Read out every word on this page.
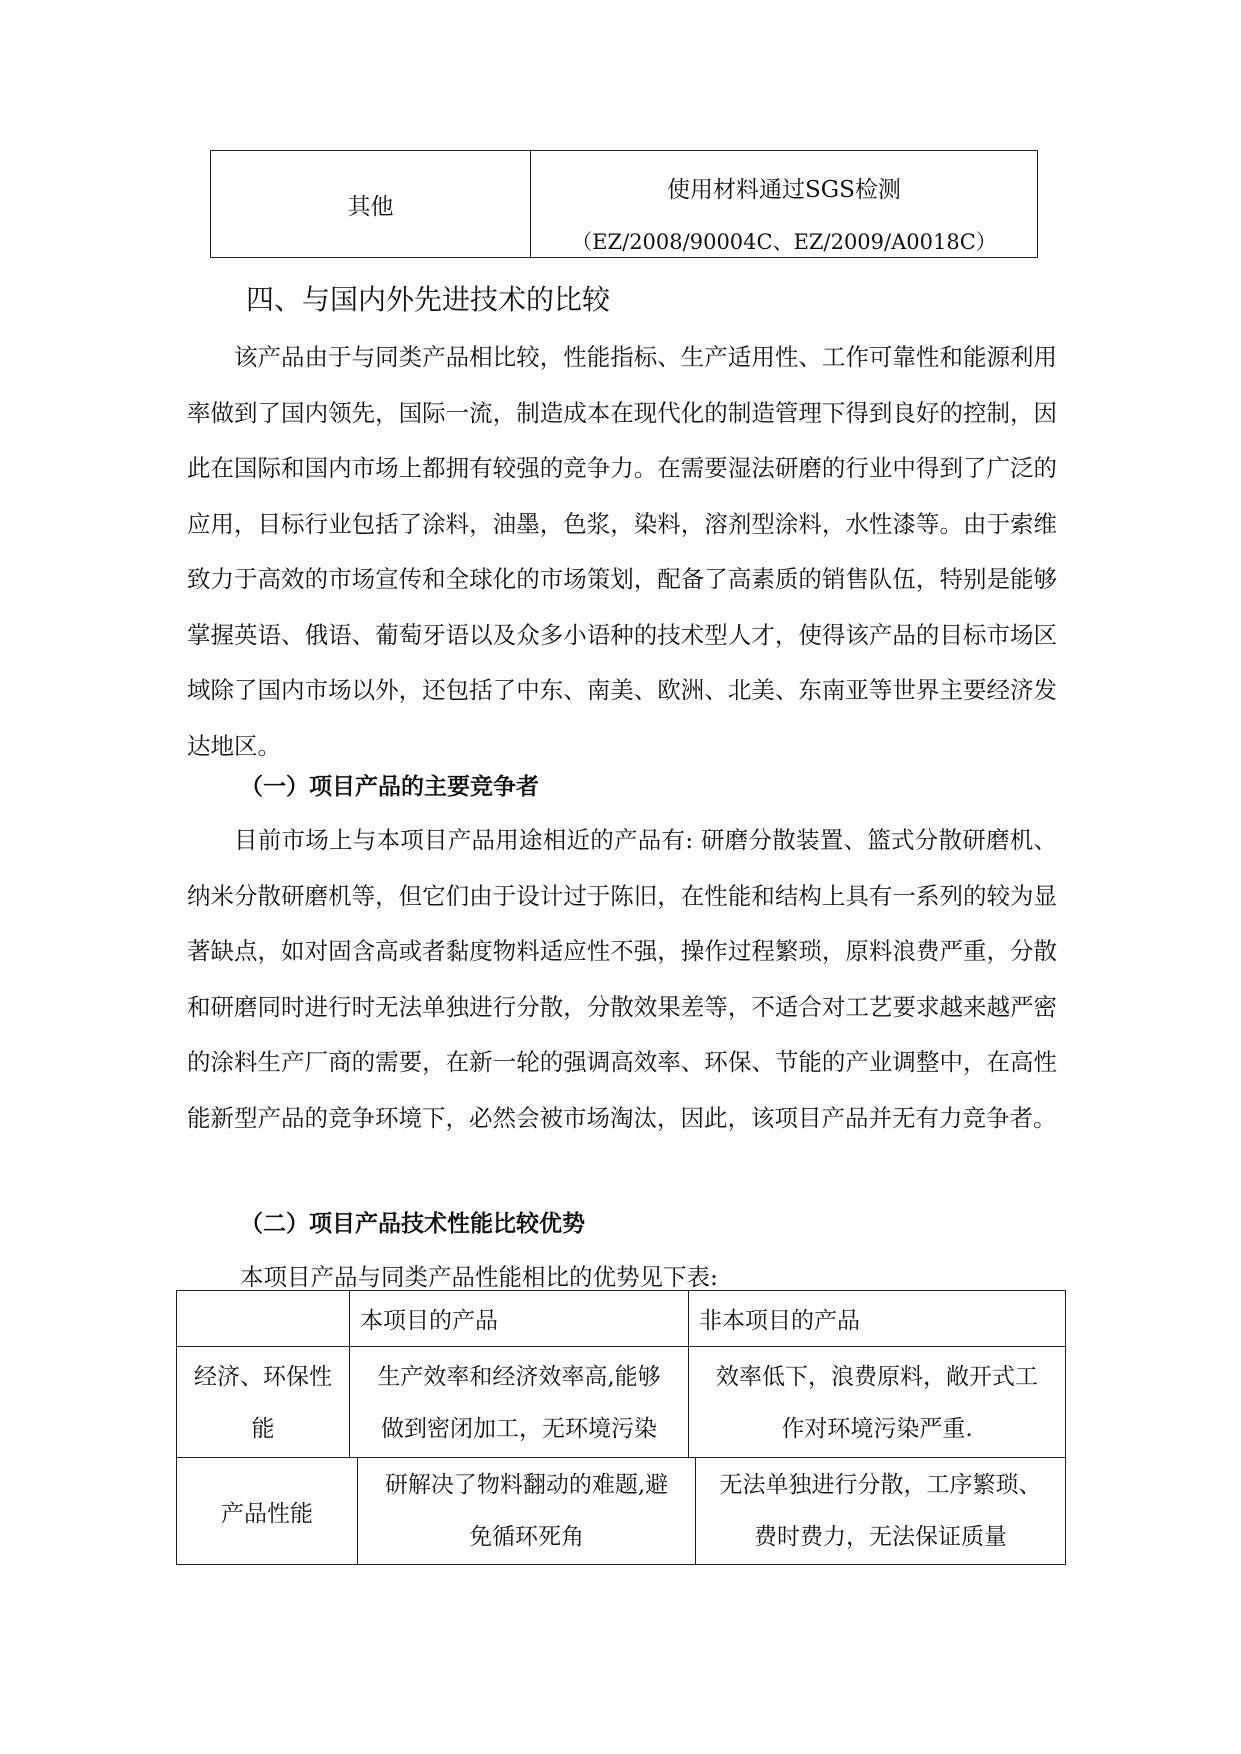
其他
使用材料通过SGS检测
（EZ/2008/90004C、EZ/2009/A0018C）
四、与国内外先进技术的比较

该产品由于与同类产品相比较，性能指标、生产适用性、工作可靠性和能源利用率做到了国内领先，国际一流，制造成本在现代化的制造管理下得到良好的控制，因此在国际和国内市场上都拥有较强的竞争力。在需要湿法研磨的行业中得到了广泛的应用，目标行业包括了涂料，油墨，色浆，染料，溶剂型涂料，水性漆等。由于索维致力于高效的市场宣传和全球化的市场策划，配备了高素质的销售队伍，特别是能够掌握英语、俄语、葡萄牙语以及众多小语种的技术型人才，使得该产品的目标市场区域除了国内市场以外，还包括了中东、南美、欧洲、北美、东南亚等世界主要经济发达地区。

（一）项目产品的主要竞争者

目前市场上与本项目产品用途相近的产品有: 研磨分散装置、篮式分散研磨机、纳米分散研磨机等，但它们由于设计过于陈旧，在性能和结构上具有一系列的较为显著缺点，如对固含高或者黏度物料适应性不强，操作过程繁琐，原料浪费严重，分散和研磨同时进行时无法单独进行分散，分散效果差等，不适合对工艺要求越来越严密的涂料生产厂商的需要，在新一轮的强调高效率、环保、节能的产业调整中，在高性能新型产品的竞争环境下，必然会被市场淘汰，因此，该项目产品并无有力竞争者。

（二）项目产品技术性能比较优势
本项目产品与同类产品性能相比的优势见下表:
本项目的产品	非本项目的产品
经济、环保性
能
生产效率和经济效率高,能够
做到密闭加工，无环境污染
效率低下，浪费原料，敞开式工
作对环境污染严重.
产品性能
研解决了物料翻动的难题,避
免循环死角
无法单独进行分散，工序繁琐、
费时费力，无法保证质量
